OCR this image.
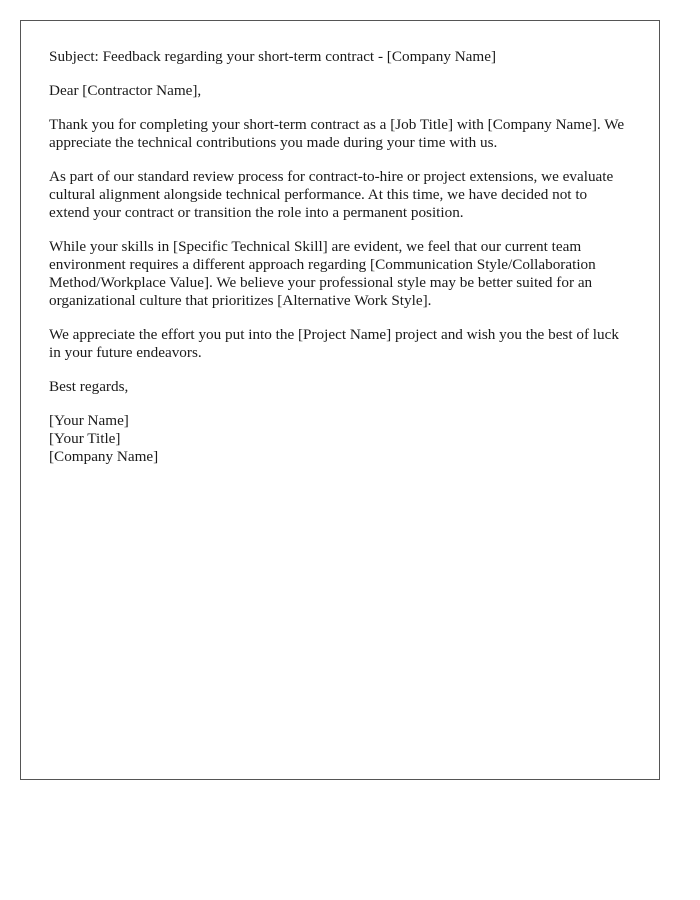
Subject: Feedback regarding your short-term contract - [Company Name]

Dear [Contractor Name],

Thank you for completing your short-term contract as a [Job Title] with [Company Name]. We appreciate the technical contributions you made during your time with us.

As part of our standard review process for contract-to-hire or project extensions, we evaluate cultural alignment alongside technical performance. At this time, we have decided not to extend your contract or transition the role into a permanent position.

While your skills in [Specific Technical Skill] are evident, we feel that our current team environment requires a different approach regarding [Communication Style/Collaboration Method/Workplace Value]. We believe your professional style may be better suited for an organizational culture that prioritizes [Alternative Work Style].

We appreciate the effort you put into the [Project Name] project and wish you the best of luck in your future endeavors.

Best regards,

[Your Name]
[Your Title]
[Company Name]
